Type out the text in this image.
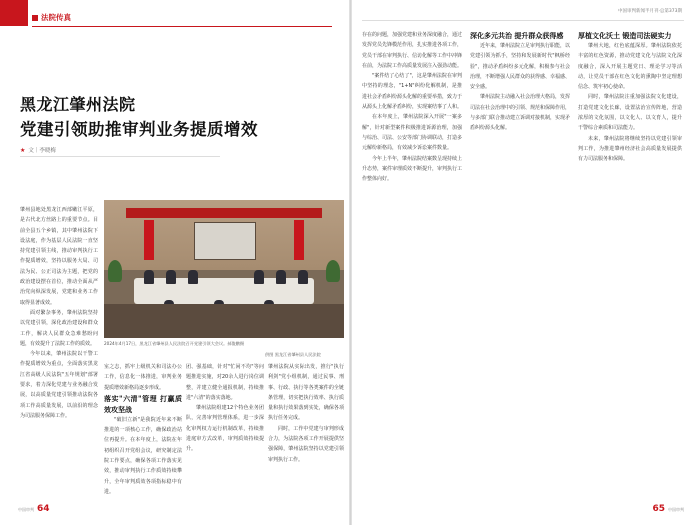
法院传真
黑龙江肇州法院
党建引领助推审判业务提质增效
★ 文｜李晓梅

肇州县地处黑龙江西部嫩江平原，是古代北方丝路上的重要节点。目前全县五个乡镇，其中肇州法院下设法庭，作为基层人民法院一直坚持党建引领主线，推动审判执行工作提质增效，坚持以服务大局、司法为民、公正司法为主题，把党的政治建设摆在首位，推动全面从严治党向纵深发展，党建和业务工作取得显著成效。

面对繁杂事务，肇州法院坚持以党建引领，深化政治建设和群众工作，解决人民群众急难愁盼问题，有效提升了法院工作的质效。

今年以来，肇州法院以干警工作提质增效为重点，全面落实黑龙江省高级人民法院"五年规划"部署要求，着力深化党建与业务融合发展，以高质量党建引领推动法院各项工作高质量发展，以前沿的理念为司法服务保障工作。

2024年4月17日，黑龙江省肇州县人民法院召开党建引领大会议。郝俊鹏摄
供图 黑龙江省肇州县人民法院

室之志，抓牢上级机关和司法办公工作，信息化一体推进，审判业务提质增效新格局逐步形成。

落实"六清"管理 打赢质效攻坚战

"破旧立新"是我院近年来不断推进的一项核心工作，确保政治站位再提升。在本年度上，法院在年初组织召开党组会议，研究制定法院工作要点，确保各项工作落实见效，推动审判执行工作质效持续攀升，全年审判质效各项指标稳中有进。

团、强基础，针对"忙闲不均"等问题推进实施，对20余人进行岗位调整，并建立健全通报机制，持续推进"六清"的落实落地。

肇州法院组建12个特色业务团队，完善审判管理体系，进一步深化审判权力运行机制改革，持续推进庭审方式改革，审判质效持续提升。

肇州法院从实际出发，推行"执行利剑"党小组机制，通过民事、刑事、行政、执行等各类案件的全链条管理，切实把执行效率、执行质量和执行效果落到实处，确保各项执行任务完成。

同时，工作中党建与审判形成合力，为法院各项工作开展提供坚强保障，肇州法院坚持以党建引领审判执行工作。

中国审判 64
中国审判新闻半月刊·总第373期

存在的问题，加强党建和业务深度融合，通过发挥党员先锋模范作用，扎实推进各项工作，党员干部在审判执行、信访化解等工作中冲锋在前，为法院工作高质量发展注入强劲动能。

"案件结了心结了"，这是肇州法院在审判中坚持的理念，"1+N"纠纷化解机制，是推进社会矛盾纠纷源头化解的重要举措，致力于从源头上化解矛盾纠纷，实现案结事了人和。

在本年度上，肇州法院深入开展"一案多解"，针对新型案件积极推进诉源治理，加强与综治、司法、公安等部门协调联动，打造多元解纷新格局，有效减少诉讼案件数量。

今年上半年，肇州法院结案数呈现持续上升态势，案件审理质效不断提升，审判执行工作整体向好。

深化多元共治 提升群众获得感

近年来，肇州法院立足审判执行职能，以党建引领为抓手，坚持和发展新时代"枫桥经验"，推动矛盾纠纷多元化解，积极参与社会治理，不断增强人民群众的获得感、幸福感、安全感。

肇州法院主动融入社会治理大格局，发挥司法在社会治理中的引领、规范和保障作用，与多部门联合推动建立诉调对接机制，实现矛盾纠纷源头化解。

厚植文化沃土 锻造司法硬实力

肇州大地，红色底蕴深厚。肇州法院依托丰富的红色资源，推动党建文化与法院文化深度融合，深入开展主题党日、理论学习等活动，让党员干部在红色文化的熏陶中坚定理想信念、筑牢初心使命。

同时，肇州法院注重加强法院文化建设，打造党建文化长廊，设置法治宣传阵地，营造浓厚的文化氛围，以文化人、以文育人，提升干警综合素质和司法能力。

未来，肇州法院将继续坚持以党建引领审判工作，为推进肇州经济社会高质量发展提供有力司法服务和保障。

65 中国审判
